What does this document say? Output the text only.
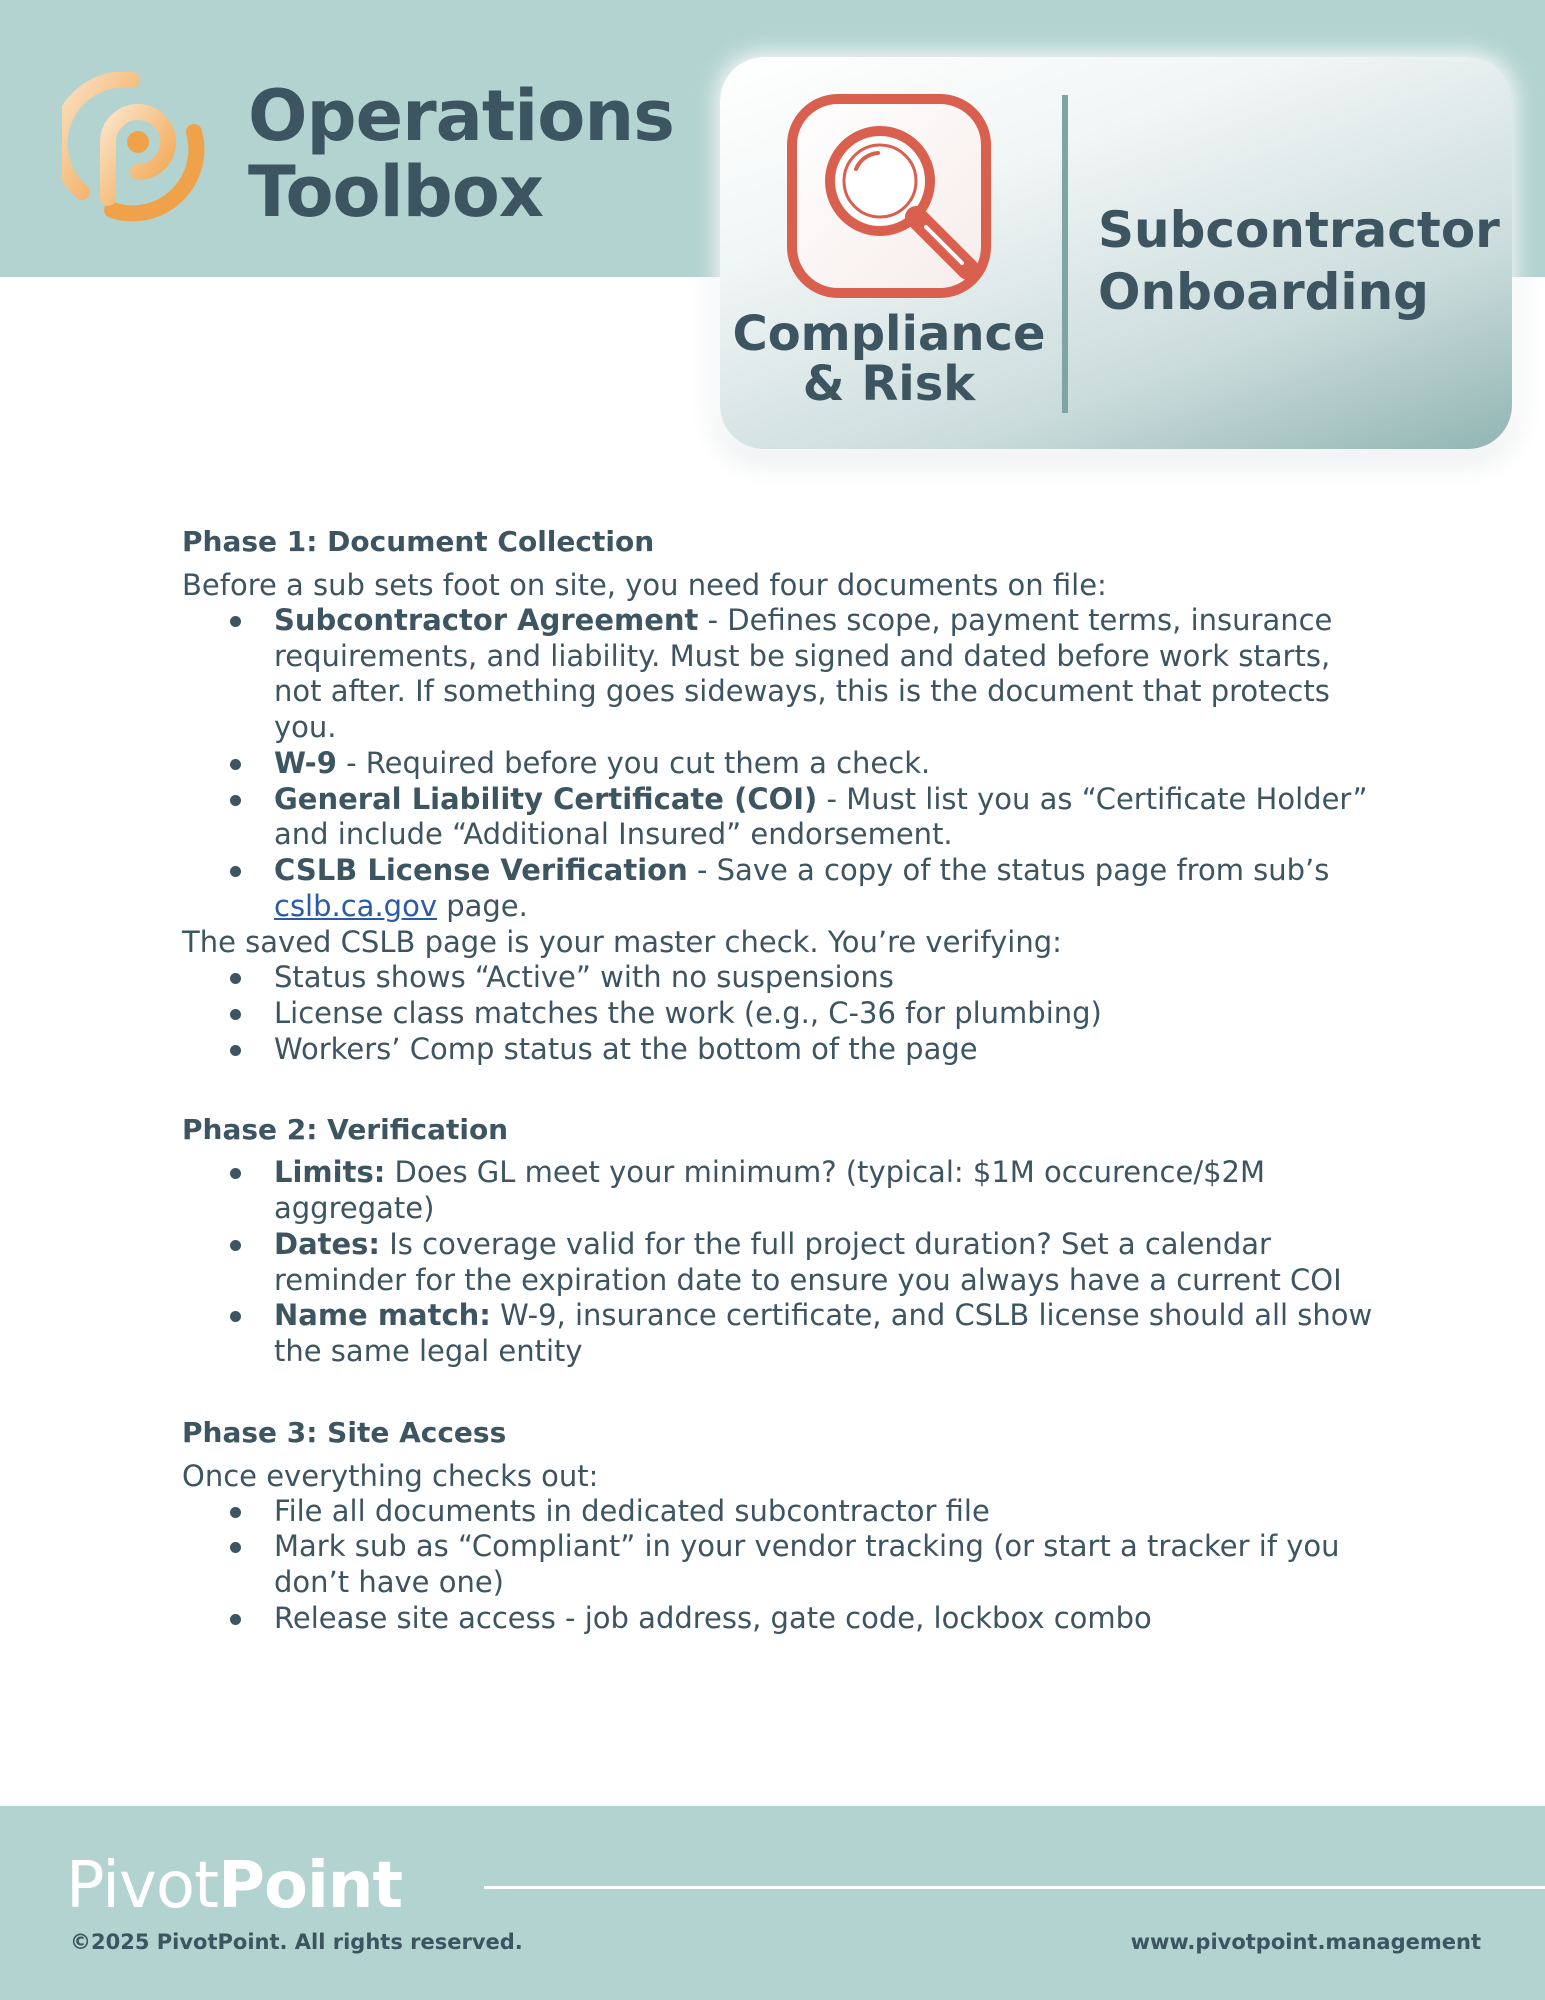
Operations
Toolbox
Compliance
& Risk
Subcontractor
Onboarding
Phase 1: Document Collection

Before a sub sets foot on site, you need four documents on file:

Subcontractor Agreement - Defines scope, payment terms, insurance requirements, and liability. Must be signed and dated before work starts, not after. If something goes sideways, this is the document that protects you.
W-9 - Required before you cut them a check.
General Liability Certificate (COI) - Must list you as “Certificate Holder” and include “Additional Insured” endorsement.
CSLB License Verification - Save a copy of the status page from sub’s cslb.ca.gov page.

The saved CSLB page is your master check. You’re verifying:

Status shows “Active” with no suspensions
License class matches the work (e.g., C-36 for plumbing)
Workers’ Comp status at the bottom of the page
Phase 2: Verification
Limits: Does GL meet your minimum? (typical: $1M occurence/$2M aggregate)
Dates: Is coverage valid for the full project duration? Set a calendar reminder for the expiration date to ensure you always have a current COI
Name match: W-9, insurance certificate, and CSLB license should all show the same legal entity
Phase 3: Site Access

Once everything checks out:

File all documents in dedicated subcontractor file
Mark sub as “Compliant” in your vendor tracking (or start a tracker if you don’t have one)
Release site access - job address, gate code, lockbox combo
PivotPoint
©2025 PivotPoint. All rights reserved.	www.pivotpoint.management
